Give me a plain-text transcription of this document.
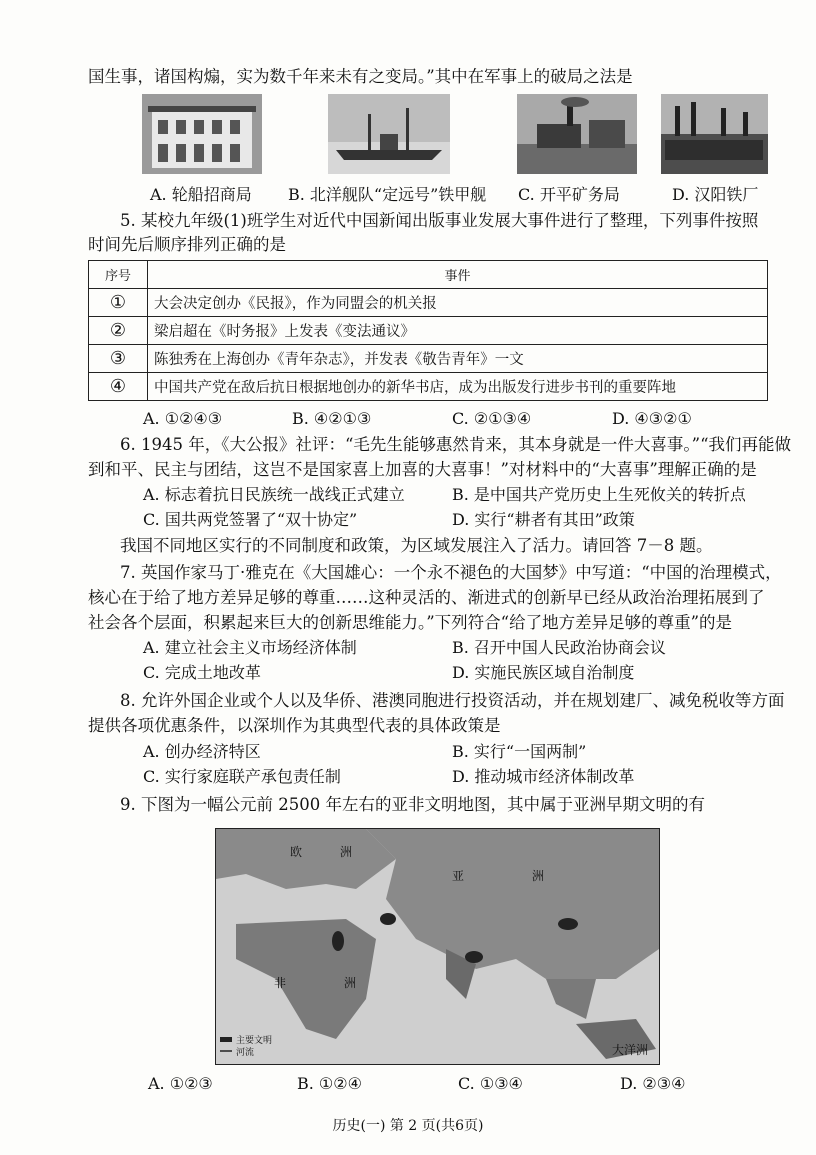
国生事，诸国构煽，实为数千年来未有之变局。”其中在军事上的破局之法是
A. 轮船招商局 B. 北洋舰队“定远号”铁甲舰 C. 开平矿务局	D. 汉阳铁厂
5. 某校九年级(1)班学生对近代中国新闻出版事业发展大事件进行了整理，下列事件按照
时间先后顺序排列正确的是
序号	事件
①	大会决定创办《民报》，作为同盟会的机关报
②	梁启超在《时务报》上发表《变法通议》
③	陈独秀在上海创办《青年杂志》，并发表《敬告青年》一文
④	中国共产党在敌后抗日根据地创办的新华书店，成为出版发行进步书刊的重要阵地
A. ①②④③	B. ④②①③	C. ②①③④	D. ④③②①
6. 1945 年，《大公报》社评：“毛先生能够惠然肯来，其本身就是一件大喜事。”“我们再能做
到和平、民主与团结，这岂不是国家喜上加喜的大喜事！”对材料中的“大喜事”理解正确的是
A. 标志着抗日民族统一战线正式建立	B. 是中国共产党历史上生死攸关的转折点
C. 国共两党签署了“双十协定”	D. 实行“耕者有其田”政策
我国不同地区实行的不同制度和政策，为区域发展注入了活力。请回答 7－8 题。
7. 英国作家马丁·雅克在《大国雄心：一个永不褪色的大国梦》中写道：“中国的治理模式，
核心在于给了地方差异足够的尊重……这种灵活的、渐进式的创新早已经从政治治理拓展到了
社会各个层面，积累起来巨大的创新思维能力。”下列符合“给了地方差异足够的尊重”的是
A. 建立社会主义市场经济体制	B. 召开中国人民政治协商会议
C. 完成土地改革	D. 实施民族区域自治制度
8. 允许外国企业或个人以及华侨、港澳同胞进行投资活动，并在规划建厂、减免税收等方面
提供各项优惠条件，以深圳作为其典型代表的具体政策是
A. 创办经济特区	B. 实行“一国两制”
C. 实行家庭联产承包责任制	D. 推动城市经济体制改革
9. 下图为一幅公元前 2500 年左右的亚非文明地图，其中属于亚洲早期文明的有
欧	洲
亚	洲
非	洲
大洋洲
主要文明
河流
A. ①②③	B. ①②④	C. ①③④	D. ②③④
历史(一) 第 2 页(共6页)
